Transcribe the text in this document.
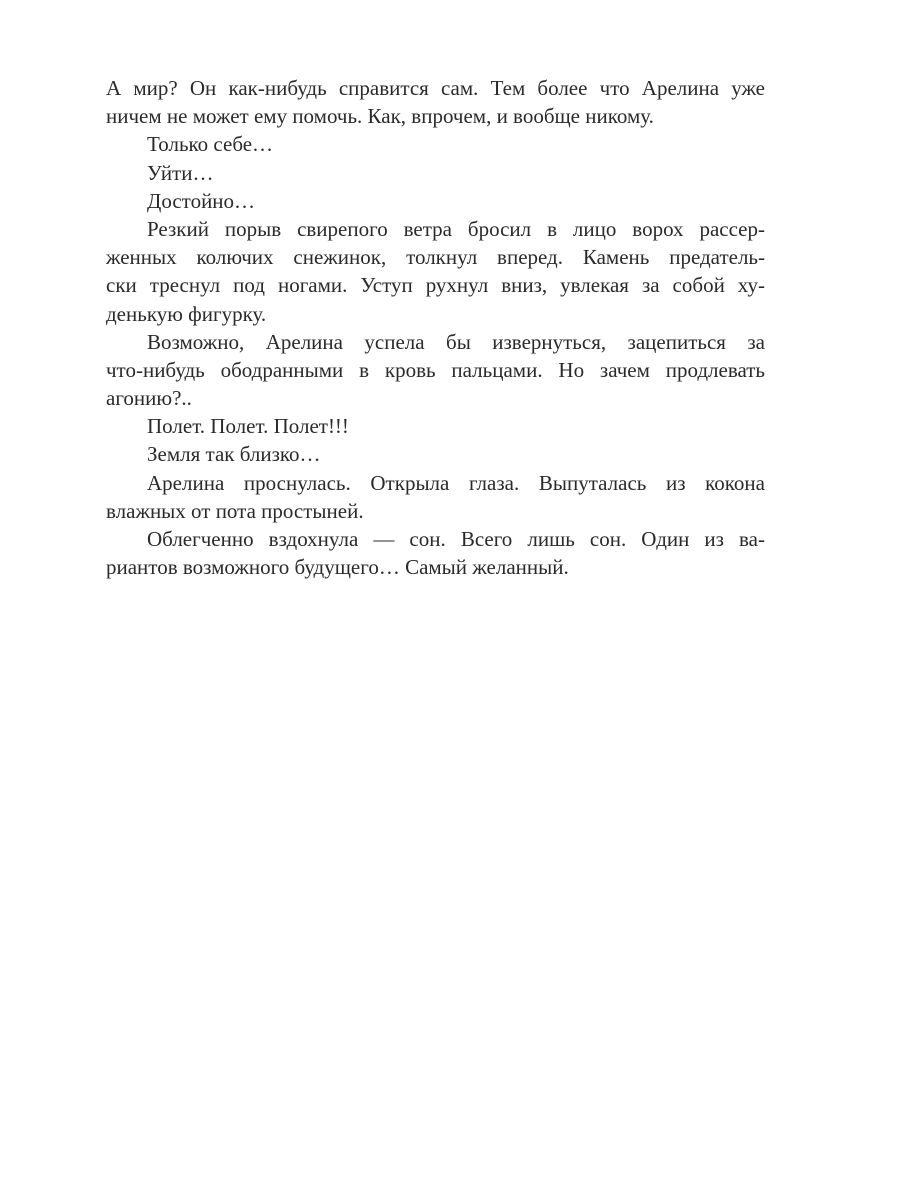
А мир? Он как-нибудь справится сам. Тем более что Арелина уже
ничем не может ему помочь. Как, впрочем, и вообще никому.
Только себе…
Уйти…
Достойно…
Резкий порыв свирепого ветра бросил в лицо ворох рассер-
женных колючих снежинок, толкнул вперед. Камень предатель-
ски треснул под ногами. Уступ рухнул вниз, увлекая за собой ху-
денькую фигурку.
Возможно, Арелина успела бы извернуться, зацепиться за
что-нибудь ободранными в кровь пальцами. Но зачем продлевать
агонию?..
Полет. Полет. Полет!!!
Земля так близко…
Арелина проснулась. Открыла глаза. Выпуталась из кокона
влажных от пота простыней.
Облегченно вздохнула — сон. Всего лишь сон. Один из ва-
риантов возможного будущего… Самый желанный.
